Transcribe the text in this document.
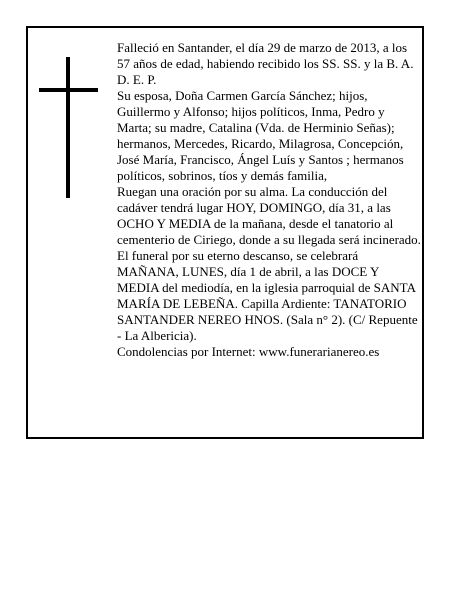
Falleció en Santander, el día 29 de marzo de 2013, a los 57 años de edad, habiendo recibido los SS. SS. y la B. A.

D. E. P.

Su esposa, Doña Carmen García Sánchez; hijos, Guillermo y Alfonso; hijos políticos, Inma, Pedro y Marta; su madre, Catalina (Vda. de Herminio Señas); hermanos, Mercedes, Ricardo, Milagrosa, Concepción, José María, Francisco, Ángel Luís y Santos ; hermanos políticos, sobrinos, tíos y demás familia,

Ruegan una oración por su alma. La conducción del cadáver tendrá lugar HOY, DOMINGO, día 31, a las OCHO Y MEDIA de la mañana, desde el tanatorio al cementerio de Ciriego, donde a su llegada será incinerado. El funeral por su eterno descanso, se celebrará MAÑANA, LUNES, día 1 de abril, a las DOCE Y MEDIA del mediodía, en la iglesia parroquial de SANTA MARÍA DE LEBEÑA. Capilla Ardiente: TANATORIO SANTANDER NEREO HNOS. (Sala n° 2). (C/ Repuente - La Albericia).

Condolencias por Internet: www.funerarianereo.es
